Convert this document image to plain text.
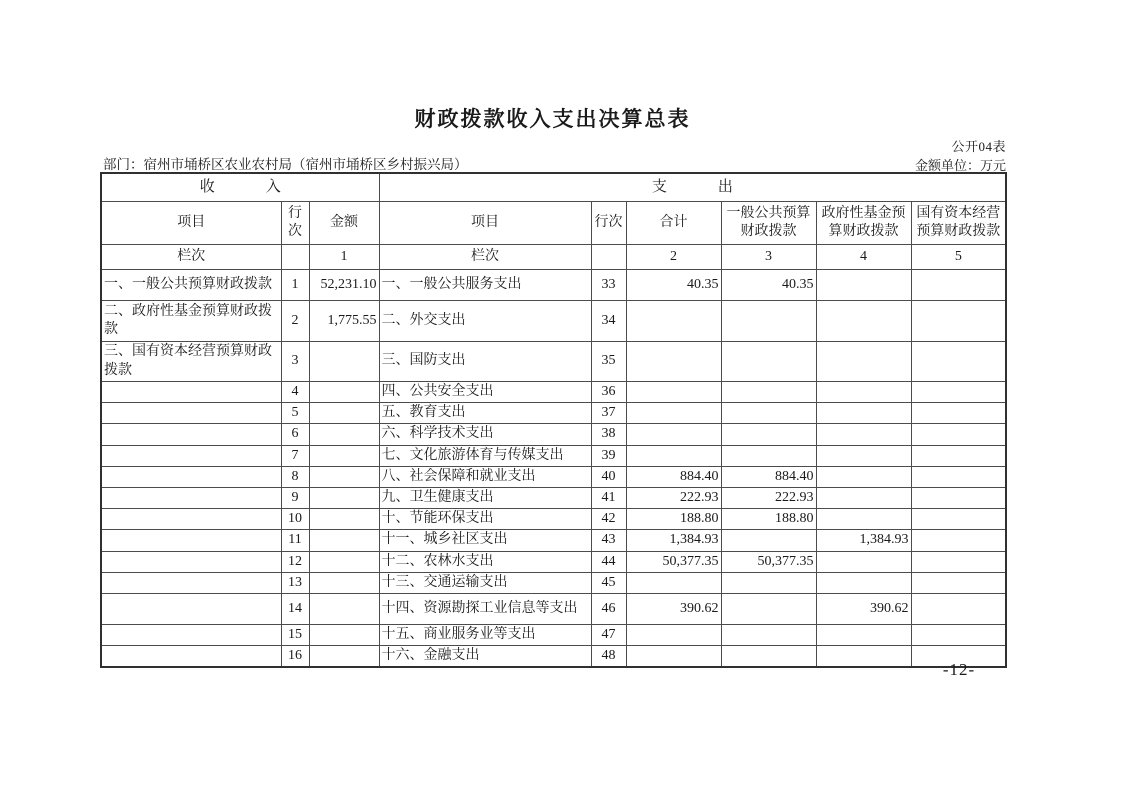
财政拨款收入支出决算总表
公开04表
部门：宿州市埇桥区农业农村局（宿州市埇桥区乡村振兴局）	金额单位：万元
收入			支出					
项目	行次	金额	项目	行次	合计	一般公共预算财政拨款	政府性基金预算财政拨款	国有资本经营预算财政拨款
栏次		1	栏次		2	3	4	5
一、一般公共预算财政拨款	1	52,231.10	一、一般公共服务支出	33	40.35	40.35		
二、政府性基金预算财政拨款	2	1,775.55	二、外交支出	34				
三、国有资本经营预算财政拨款	3		三、国防支出	35				
	4		四、公共安全支出	36				
	5		五、教育支出	37				
	6		六、科学技术支出	38				
	7		七、文化旅游体育与传媒支出	39				
	8		八、社会保障和就业支出	40	884.40	884.40		
	9		九、卫生健康支出	41	222.93	222.93		
	10		十、节能环保支出	42	188.80	188.80		
	11		十一、城乡社区支出	43	1,384.93		1,384.93	
	12		十二、农林水支出	44	50,377.35	50,377.35		
	13		十三、交通运输支出	45				
	14		十四、资源勘探工业信息等支出	46	390.62		390.62	
	15		十五、商业服务业等支出	47				
	16		十六、金融支出	48				
-12-
